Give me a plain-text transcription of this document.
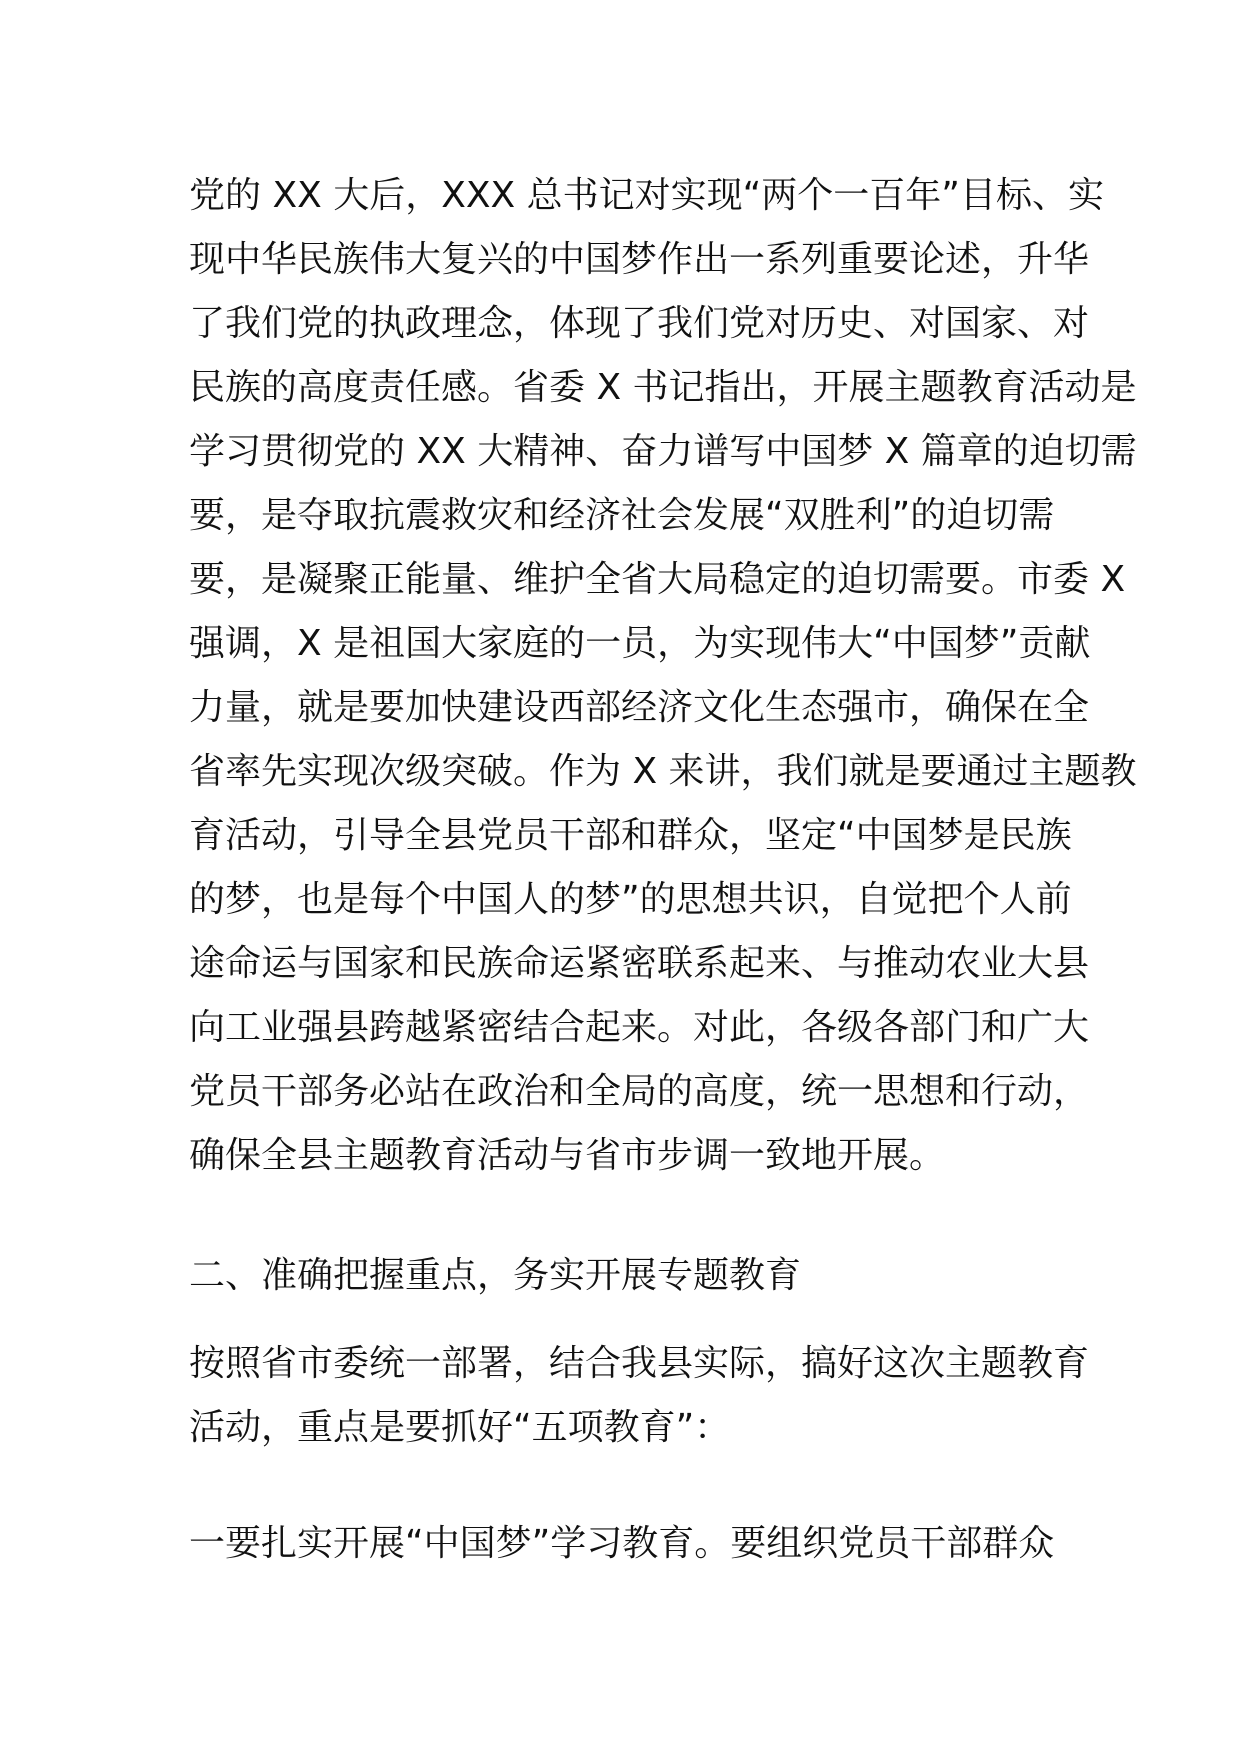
党的 XX 大后，XXX 总书记对实现“两个一百年”目标、实
现中华民族伟大复兴的中国梦作出一系列重要论述，升华
了我们党的执政理念，体现了我们党对历史、对国家、对
民族的高度责任感。省委 X 书记指出，开展主题教育活动是
学习贯彻党的 XX 大精神、奋力谱写中国梦 X 篇章的迫切需
要，是夺取抗震救灾和经济社会发展“双胜利”的迫切需
要，是凝聚正能量、维护全省大局稳定的迫切需要。市委 X
强调，X 是祖国大家庭的一员，为实现伟大“中国梦”贡献
力量，就是要加快建设西部经济文化生态强市，确保在全
省率先实现次级突破。作为 X 来讲，我们就是要通过主题教
育活动，引导全县党员干部和群众，坚定“中国梦是民族
的梦，也是每个中国人的梦”的思想共识，自觉把个人前
途命运与国家和民族命运紧密联系起来、与推动农业大县
向工业强县跨越紧密结合起来。对此，各级各部门和广大
党员干部务必站在政治和全局的高度，统一思想和行动，
确保全县主题教育活动与省市步调一致地开展。
二、准确把握重点，务实开展专题教育
按照省市委统一部署，结合我县实际，搞好这次主题教育
活动，重点是要抓好“五项教育”：
一要扎实开展“中国梦”学习教育。要组织党员干部群众
